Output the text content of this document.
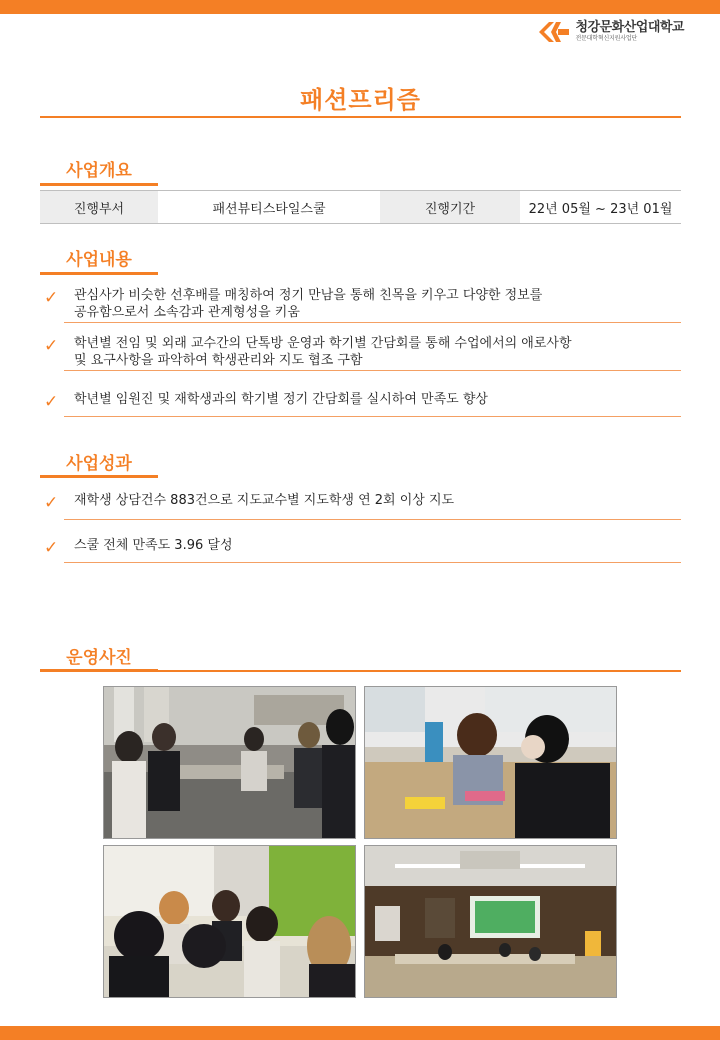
청강문화산업대학교
전문대학혁신지원사업단
패션프리즘
사업개요
진행부서	패션뷰티스타일스쿨	진행기간	22년 05월 ~ 23년 01월
사업내용
✓ 관심사가 비슷한 선후배를 매칭하여 정기 만남을 통해 친목을 키우고 다양한 정보를
공유함으로서 소속감과 관계형성을 키움
✓ 학년별 전임 및 외래 교수간의 단톡방 운영과 학기별 간담회를 통해 수업에서의 애로사항
및 요구사항을 파악하여 학생관리와 지도 협조 구함
✓ 학년별 임원진 및 재학생과의 학기별 정기 간담회를 실시하여 만족도 향상
사업성과
✓ 재학생 상담건수 883건으로 지도교수별 지도학생 연 2회 이상 지도
✓ 스쿨 전체 만족도 3.96 달성
운영사진
